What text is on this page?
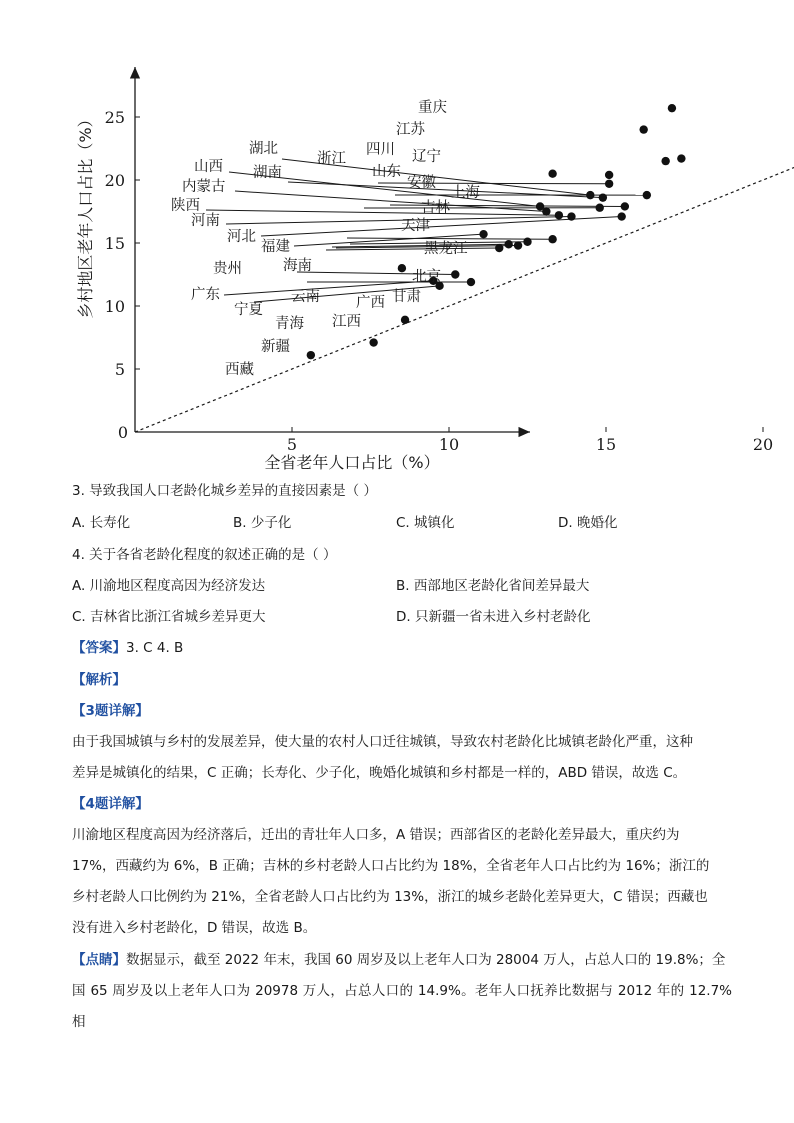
0
5	10	15	20
5
10
15
20
25	重庆
江苏
四川 辽宁
浙江
山东
安徽
湖北
湖南
上海
吉林
山西
内蒙古
陕西
河南	天津
河北
福建	黑龙江
北京
甘肃
广西
江西
贵州	海南
云南
广东
宁夏
青海
新疆
西藏
全省老年人口占比（%）
乡村地区老年人口占比（%）
3. 导致我国人口老龄化城乡差异的直接因素是（ ）
A. 长寿化	B. 少子化	C. 城镇化	D. 晚婚化
4. 关于各省老龄化程度的叙述正确的是（ ）
A. 川渝地区程度高因为经济发达	B. 西部地区老龄化省间差异最大
C. 吉林省比浙江省城乡差异更大	D. 只新疆一省未进入乡村老龄化
【答案】3. C 4. B
【解析】
【3题详解】
由于我国城镇与乡村的发展差异，使大量的农村人口迁往城镇，导致农村老龄化比城镇老龄化严重，这种
差异是城镇化的结果，C 正确；长寿化、少子化，晚婚化城镇和乡村都是一样的，ABD 错误，故选 C。
【4题详解】
川渝地区程度高因为经济落后，迁出的青壮年人口多，A 错误；西部省区的老龄化差异最大，重庆约为
17%，西藏约为 6%，B 正确；吉林的乡村老龄人口占比约为 18%，全省老年人口占比约为 16%；浙江的
乡村老龄人口比例约为 21%，全省老龄人口占比约为 13%，浙江的城乡老龄化差异更大，C 错误；西藏也
没有进入乡村老龄化，D 错误，故选 B。
【点睛】数据显示，截至 2022 年末，我国 60 周岁及以上老年人口为 28004 万人，占总人口的 19.8%；全
国 65 周岁及以上老年人口为 20978 万人，占总人口的 14.9%。老年人口抚养比数据与 2012 年的 12.7%相
